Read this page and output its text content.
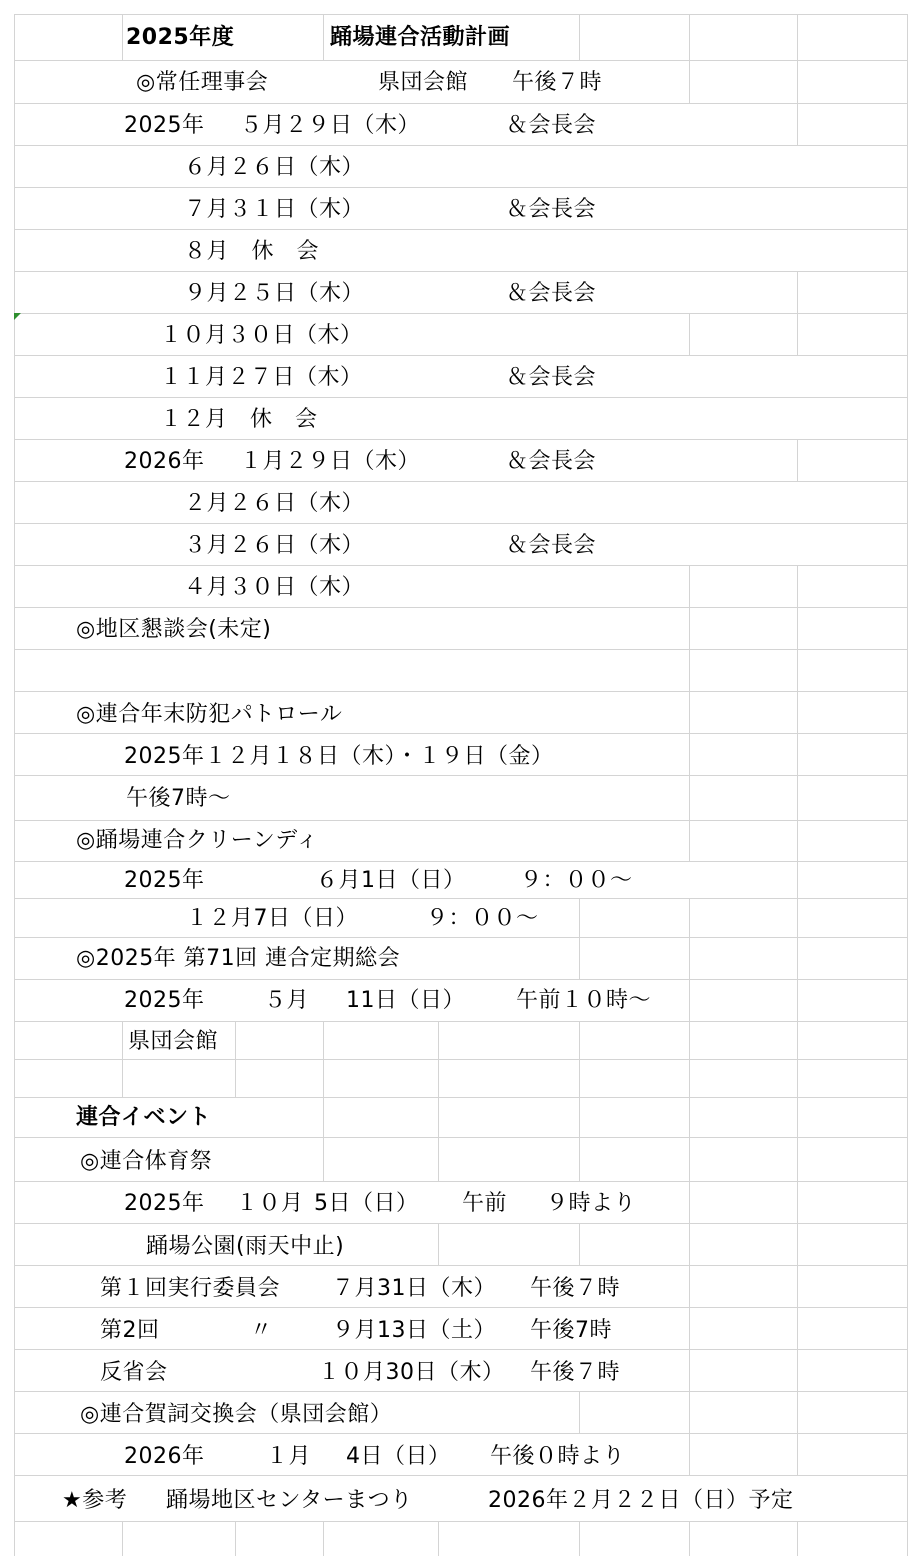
2025年度	踊場連合活動計画
◎常任理事会	県団会館 午後７時
2025年 ５月２９日（木）	＆会長会
６月２６日（木）
７月３１日（木）	＆会長会
８月　休　会
９月２５日（木）	＆会長会
１０月３０日（木）
１１月２７日（木）	＆会長会
１２月　休　会
2026年 １月２９日（木）	＆会長会
２月２６日（木）
３月２６日（木）	＆会長会
４月３０日（木）
◎地区懇談会(未定)
◎連合年末防犯パトロール
2025年１２月１８日（木）・１９日（金）
午後7時～
◎踊場連合クリーンディ
2025年	６月1日（日） ９：００～
１２月7日（日）	９：００～
◎2025年 第71回 連合定期総会
2025年	５月 11日（日） 午前１０時～
県団会館
連合イベント
◎連合体育祭
2025年 １０月 5日（日） 午前 ９時より
踊場公園(雨天中止)
第１回実行委員会 ７月31日（木） 午後７時
第2回	〃	９月13日（土） 午後7時
反省会	１０月30日（木） 午後７時
◎連合賀詞交換会（県団会館）
2026年	１月 4日（日） 午後０時より
★参考 踊場地区センターまつり	2026年２月２２日（日）予定
